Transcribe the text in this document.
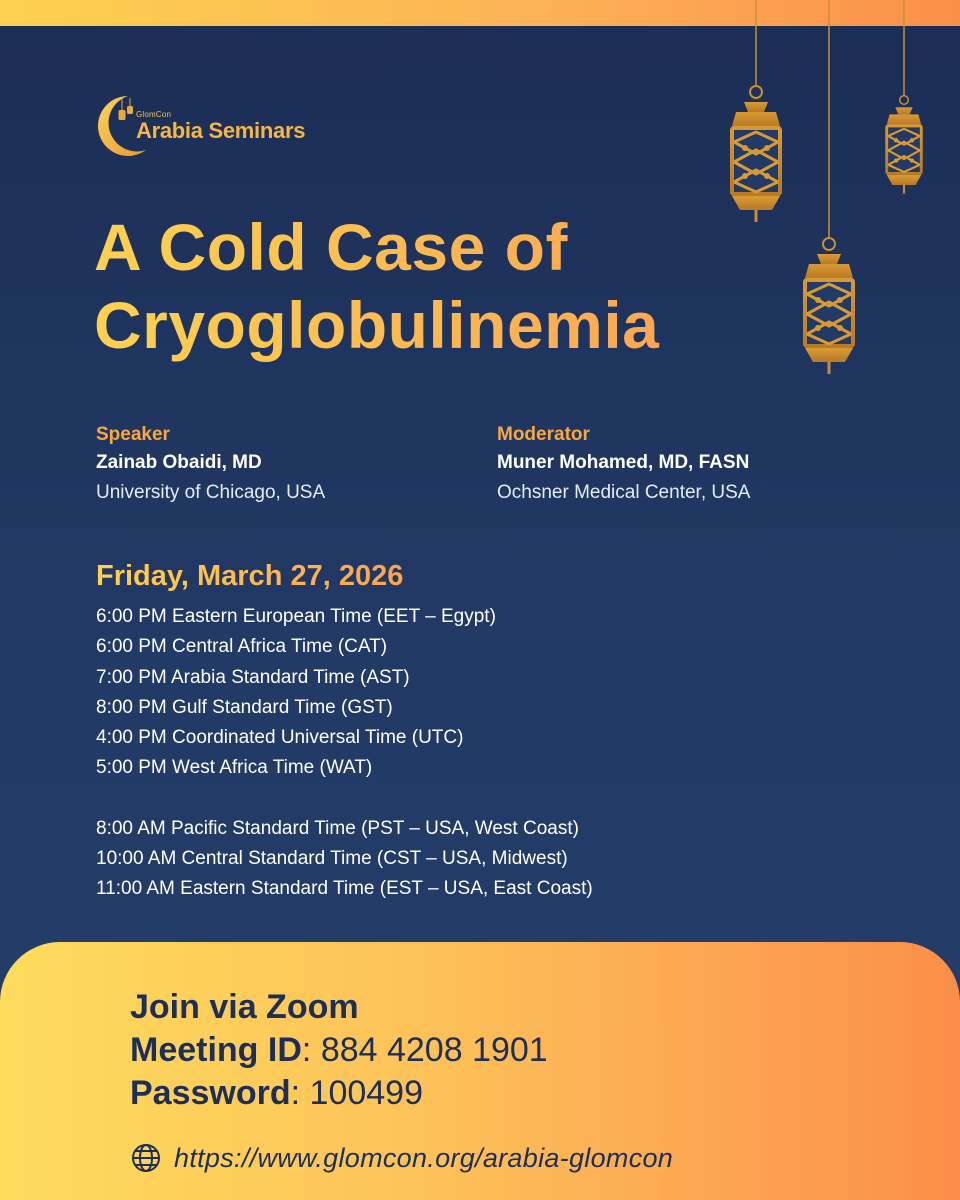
GlomCon
Arabia Seminars
A Cold Case of
Cryoglobulinemia
Speaker
Zainab Obaidi, MD
University of Chicago, USA
Moderator
Muner Mohamed, MD, FASN
Ochsner Medical Center, USA
Friday, March 27, 2026
6:00 PM Eastern European Time (EET – Egypt)
6:00 PM Central Africa Time (CAT)
7:00 PM Arabia Standard Time (AST)
8:00 PM Gulf Standard Time (GST)
4:00 PM Coordinated Universal Time (UTC)
5:00 PM West Africa Time (WAT)
8:00 AM Pacific Standard Time (PST – USA, West Coast)
10:00 AM Central Standard Time (CST – USA, Midwest)
11:00 AM Eastern Standard Time (EST – USA, East Coast)
Join via Zoom
Meeting ID: 884 4208 1901
Password: 100499
https://www.glomcon.org/arabia-glomcon
